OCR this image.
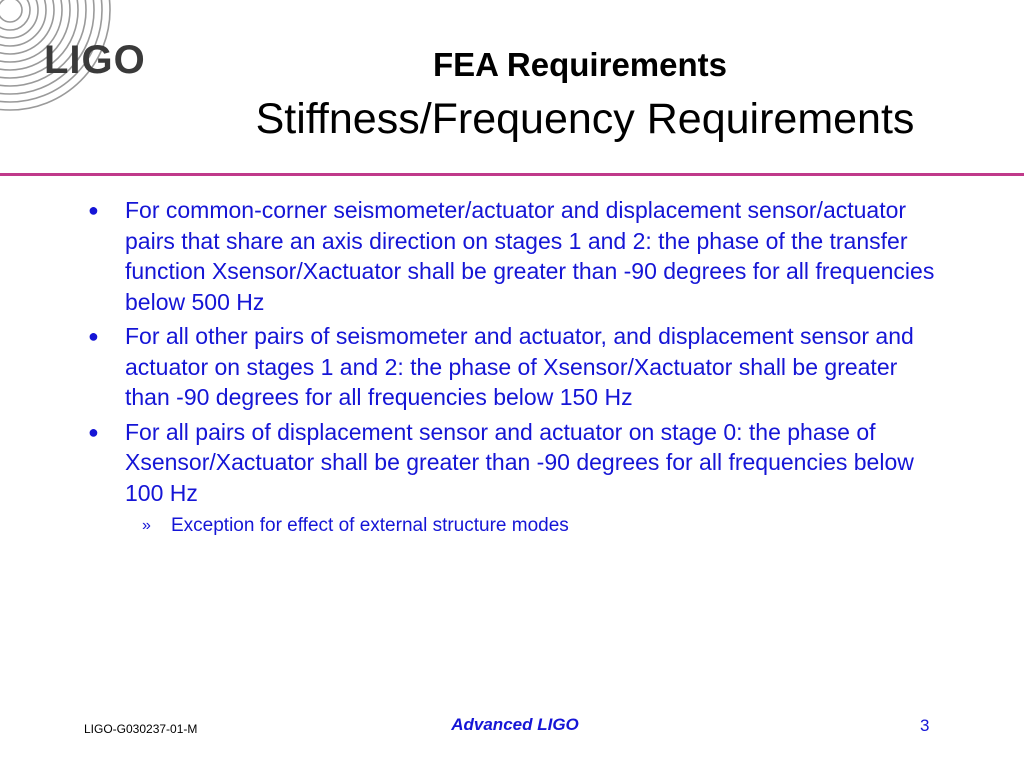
LIGO	FEA Requirements
Stiffness/Frequency Requirements
● For common-corner seismometer/actuator and displacement sensor/actuator pairs that share an axis direction on stages 1 and 2: the phase of the transfer function Xsensor/Xactuator shall be greater than -90 degrees for all frequencies below 500 Hz
● For all other pairs of seismometer and actuator, and displacement sensor and actuator on stages 1 and 2: the phase of Xsensor/Xactuator shall be greater than -90 degrees for all frequencies below 150 Hz
● For all pairs of displacement sensor and actuator on stage 0: the phase of Xsensor/Xactuator shall be greater than -90 degrees for all frequencies below 100 Hz
» Exception for effect of external structure modes
LIGO-G030237-01-M	Advanced LIGO	3
